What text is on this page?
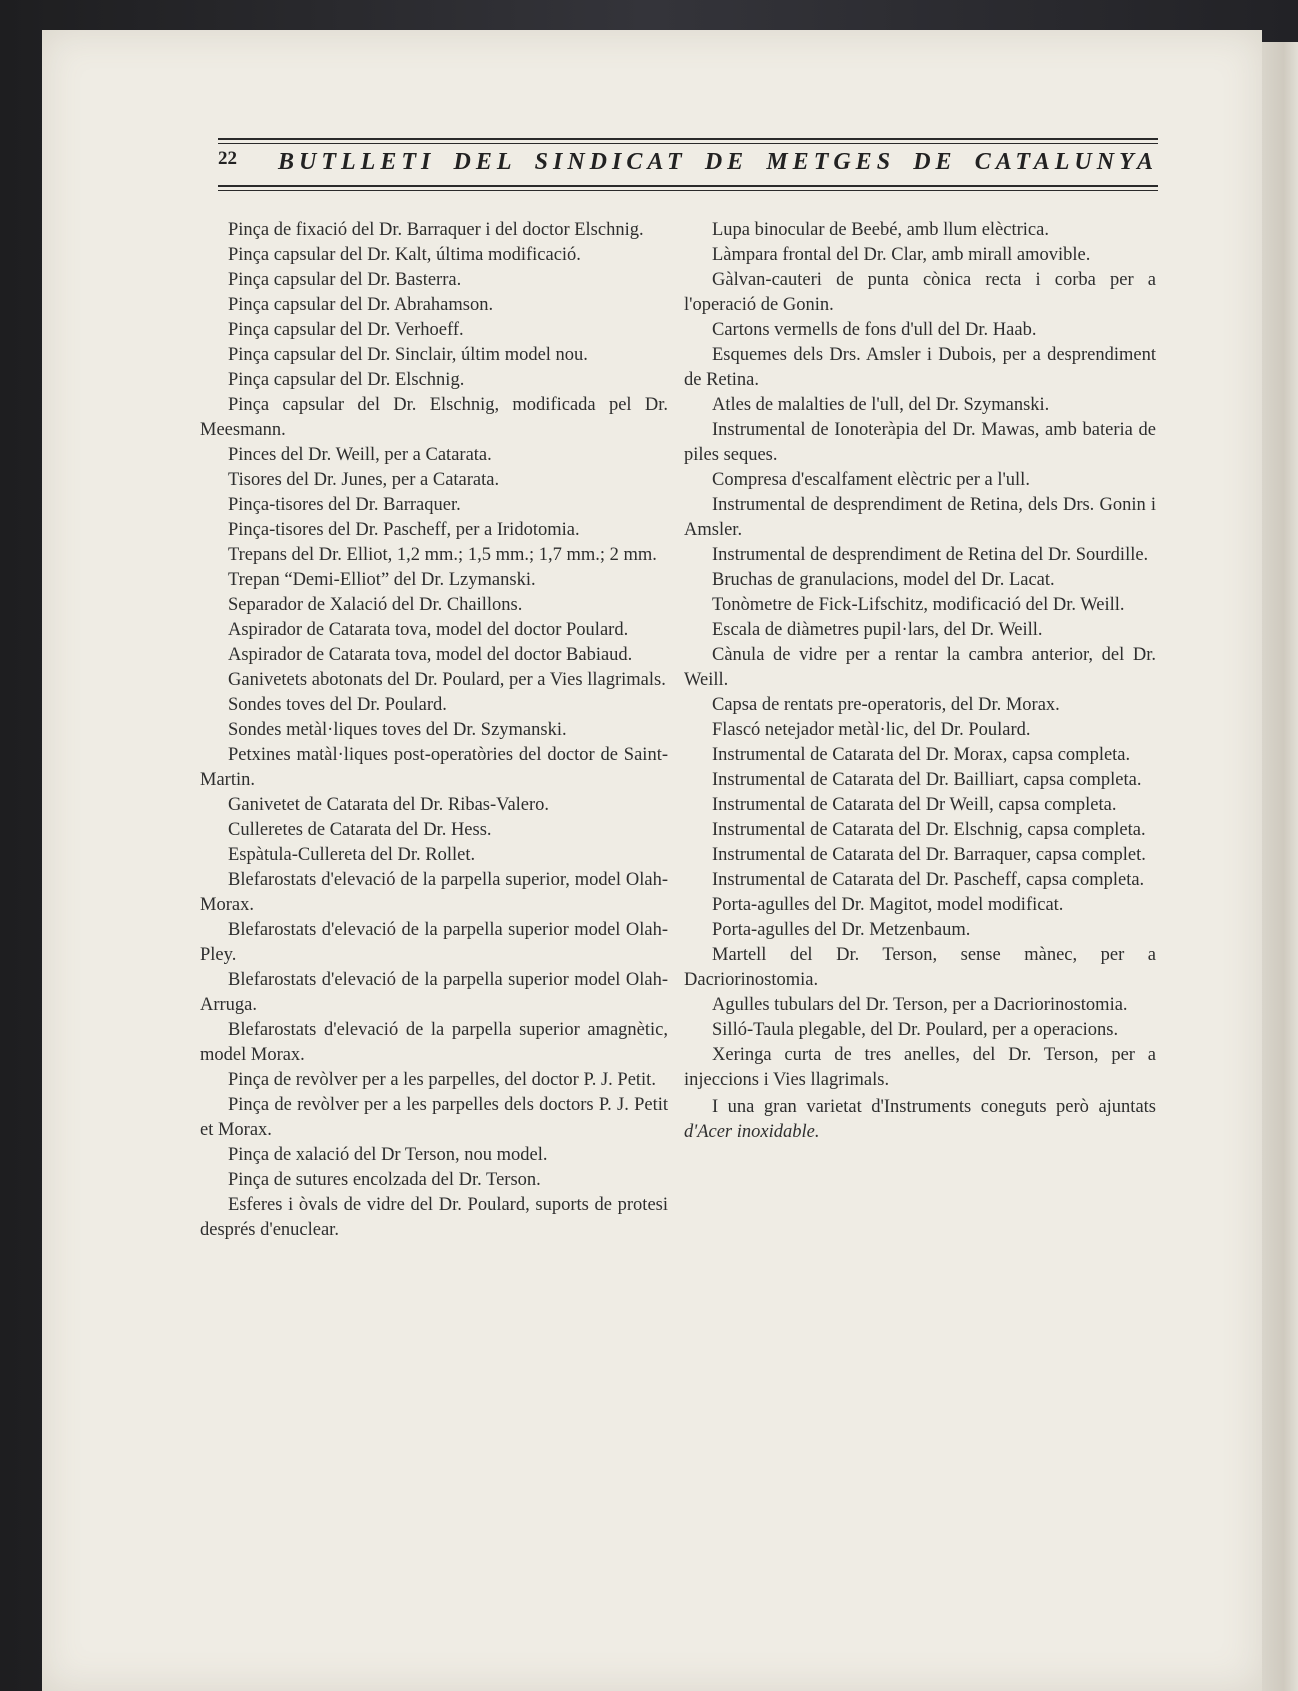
22 BUTLLETI DEL SINDICAT DE METGES DE CATALUNYA

Pinça de fixació del Dr. Barraquer i del doctor Elschnig.

Pinça capsular del Dr. Kalt, última modificació.

Pinça capsular del Dr. Basterra.

Pinça capsular del Dr. Abrahamson.

Pinça capsular del Dr. Verhoeff.

Pinça capsular del Dr. Sinclair, últim model nou.

Pinça capsular del Dr. Elschnig.

Pinça capsular del Dr. Elschnig, modificada pel Dr. Meesmann.

Pinces del Dr. Weill, per a Catarata.

Tisores del Dr. Junes, per a Catarata.

Pinça-tisores del Dr. Barraquer.

Pinça-tisores del Dr. Pascheff, per a Iridotomia.

Trepans del Dr. Elliot, 1,2 mm.; 1,5 mm.; 1,7 mm.; 2 mm.

Trepan “Demi-Elliot” del Dr. Lzymanski.

Separador de Xalació del Dr. Chaillons.

Aspirador de Catarata tova, model del doctor Poulard.

Aspirador de Catarata tova, model del doctor Babiaud.

Ganivetets abotonats del Dr. Poulard, per a Vies llagrimals.

Sondes toves del Dr. Poulard.

Sondes metàl·liques toves del Dr. Szymanski.

Petxines matàl·liques post-operatòries del doctor de Saint-Martin.

Ganivetet de Catarata del Dr. Ribas-Valero.

Culleretes de Catarata del Dr. Hess.

Espàtula-Cullereta del Dr. Rollet.

Blefarostats d'elevació de la parpella superior, model Olah-Morax.

Blefarostats d'elevació de la parpella superior model Olah-Pley.

Blefarostats d'elevació de la parpella superior model Olah-Arruga.

Blefarostats d'elevació de la parpella superior amagnètic, model Morax.

Pinça de revòlver per a les parpelles, del doctor P. J. Petit.

Pinça de revòlver per a les parpelles dels doctors P. J. Petit et Morax.

Pinça de xalació del Dr Terson, nou model.

Pinça de sutures encolzada del Dr. Terson.

Esferes i òvals de vidre del Dr. Poulard, suports de protesi després d'enuclear.

Lupa binocular de Beebé, amb llum elèctrica.

Làmpara frontal del Dr. Clar, amb mirall amovible.

Gàlvan-cauteri de punta cònica recta i corba per a l'operació de Gonin.

Cartons vermells de fons d'ull del Dr. Haab.

Esquemes dels Drs. Amsler i Dubois, per a desprendiment de Retina.

Atles de malalties de l'ull, del Dr. Szymanski.

Instrumental de Ionoteràpia del Dr. Mawas, amb bateria de piles seques.

Compresa d'escalfament elèctric per a l'ull.

Instrumental de desprendiment de Retina, dels Drs. Gonin i Amsler.

Instrumental de desprendiment de Retina del Dr. Sourdille.

Bruchas de granulacions, model del Dr. Lacat.

Tonòmetre de Fick-Lifschitz, modificació del Dr. Weill.

Escala de diàmetres pupil·lars, del Dr. Weill.

Cànula de vidre per a rentar la cambra anterior, del Dr. Weill.

Capsa de rentats pre-operatoris, del Dr. Morax.

Flascó netejador metàl·lic, del Dr. Poulard.

Instrumental de Catarata del Dr. Morax, capsa completa.

Instrumental de Catarata del Dr. Bailliart, capsa completa.

Instrumental de Catarata del Dr Weill, capsa completa.

Instrumental de Catarata del Dr. Elschnig, capsa completa.

Instrumental de Catarata del Dr. Barraquer, capsa complet.

Instrumental de Catarata del Dr. Pascheff, capsa completa.

Porta-agulles del Dr. Magitot, model modificat.

Porta-agulles del Dr. Metzenbaum.

Martell del Dr. Terson, sense mànec, per a Dacriorinostomia.

Agulles tubulars del Dr. Terson, per a Dacriorinostomia.

Silló-Taula plegable, del Dr. Poulard, per a operacions.

Xeringa curta de tres anelles, del Dr. Terson, per a injeccions i Vies llagrimals.

I una gran varietat d'Instruments coneguts però ajuntats d'Acer inoxidable.
